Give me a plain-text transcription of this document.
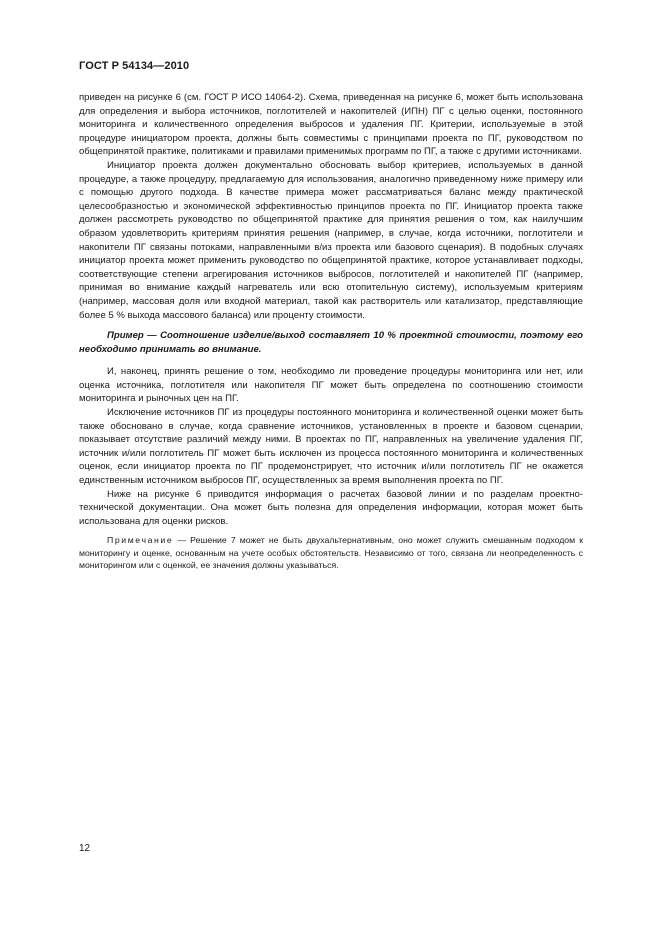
ГОСТ Р 54134—2010

приведен на рисунке 6 (см. ГОСТ Р ИСО 14064-2). Схема, приведенная на рисунке 6, может быть использована для определения и выбора источников, поглотителей и накопителей (ИПН) ПГ с целью оценки, постоянного мониторинга и количественного определения выбросов и удаления ПГ. Критерии, используемые в этой процедуре инициатором проекта, должны быть совместимы с принципами проекта по ПГ, руководством по общепринятой практике, политиками и правилами применимых программ по ПГ, а также с другими источниками.

Инициатор проекта должен документально обосновать выбор критериев, используемых в данной процедуре, а также процедуру, предлагаемую для использования, аналогично приведенному ниже примеру или с помощью другого подхода. В качестве примера может рассматриваться баланс между практической целесообразностью и экономической эффективностью принципов проекта по ПГ. Инициатор проекта также должен рассмотреть руководство по общепринятой практике для принятия решения о том, как наилучшим образом удовлетворить критериям принятия решения (например, в случае, когда источники, поглотители и накопители ПГ связаны потоками, направленными в/из проекта или базового сценария). В подобных случаях инициатор проекта может применить руководство по общепринятой практике, которое устанавливает подходы, соответствующие степени агрегирования источников выбросов, поглотителей и накопителей ПГ (например, принимая во внимание каждый нагреватель или всю отопительную систему), используемым критериям (например, массовая доля или входной материал, такой как растворитель или катализатор, представляющие более 5 % выхода массового баланса) или проценту стоимости.

Пример — Соотношение изделие/выход составляет 10 % проектной стоимости, поэтому его необходимо принимать во внимание.

И, наконец, принять решение о том, необходимо ли проведение процедуры мониторинга или нет, или оценка источника, поглотителя или накопителя ПГ может быть определена по соотношению стоимости мониторинга и рыночных цен на ПГ.

Исключение источников ПГ из процедуры постоянного мониторинга и количественной оценки может быть также обосновано в случае, когда сравнение источников, установленных в проекте и базовом сценарии, показывает отсутствие различий между ними. В проектах по ПГ, направленных на увеличение удаления ПГ, источник и/или поглотитель ПГ может быть исключен из процесса постоянного мониторинга и количественных оценок, если инициатор проекта по ПГ продемонстрирует, что источник и/или поглотитель ПГ не окажется единственным источником выбросов ПГ, осуществленных за время выполнения проекта по ПГ.

Ниже на рисунке 6 приводится информация о расчетах базовой линии и по разделам проектно-технической документации. Она может быть полезна для определения информации, которая может быть использована для оценки рисков.

Примечание — Решение 7 может не быть двухальтернативным, оно может служить смешанным подходом к мониторингу и оценке, основанным на учете особых обстоятельств. Независимо от того, связана ли неопределенность с мониторингом или с оценкой, ее значения должны указываться.

12
